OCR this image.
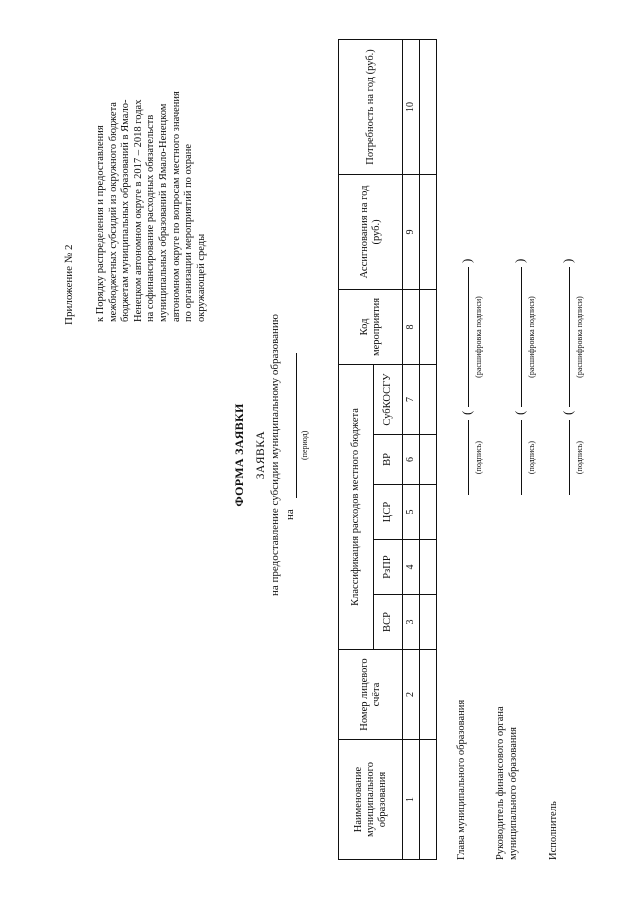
Приложение № 2 к Порядку распределения и предоставления межбюджетных субсидий из окружного бюджета бюджетам муниципальных образований в Ямало- Ненецком автономном округе в 2017 – 2018 годах на софинансирование расходных обязательств муниципальных образований в Ямало-Ненецком автономном округе по вопросам местного значения по организации мероприятий по охране окружающей среды
ФОРМА ЗАЯВКИ ЗАЯВКА на предоставление субсидии муниципальному образованию на
(период)
Наименование муниципального образования	Номер лицевого счёта	Классификация расходов местного бюджета					Код мероприятия	Ассигнования на год (руб.)	Потребность на год (руб.)
		ВСР	РзПР	ЦСР	ВР	СубКОСГУ			
1	2	3	4	5	6	7	8	9	10

Глава муниципального образования
(подпись)
(
(расшифровка подписи)
)
Руководитель финансового органа муниципального образования
(подпись)
(
(расшифровка подписи)
)
Исполнитель
(подпись)
(
(расшифровка подписи)
)
